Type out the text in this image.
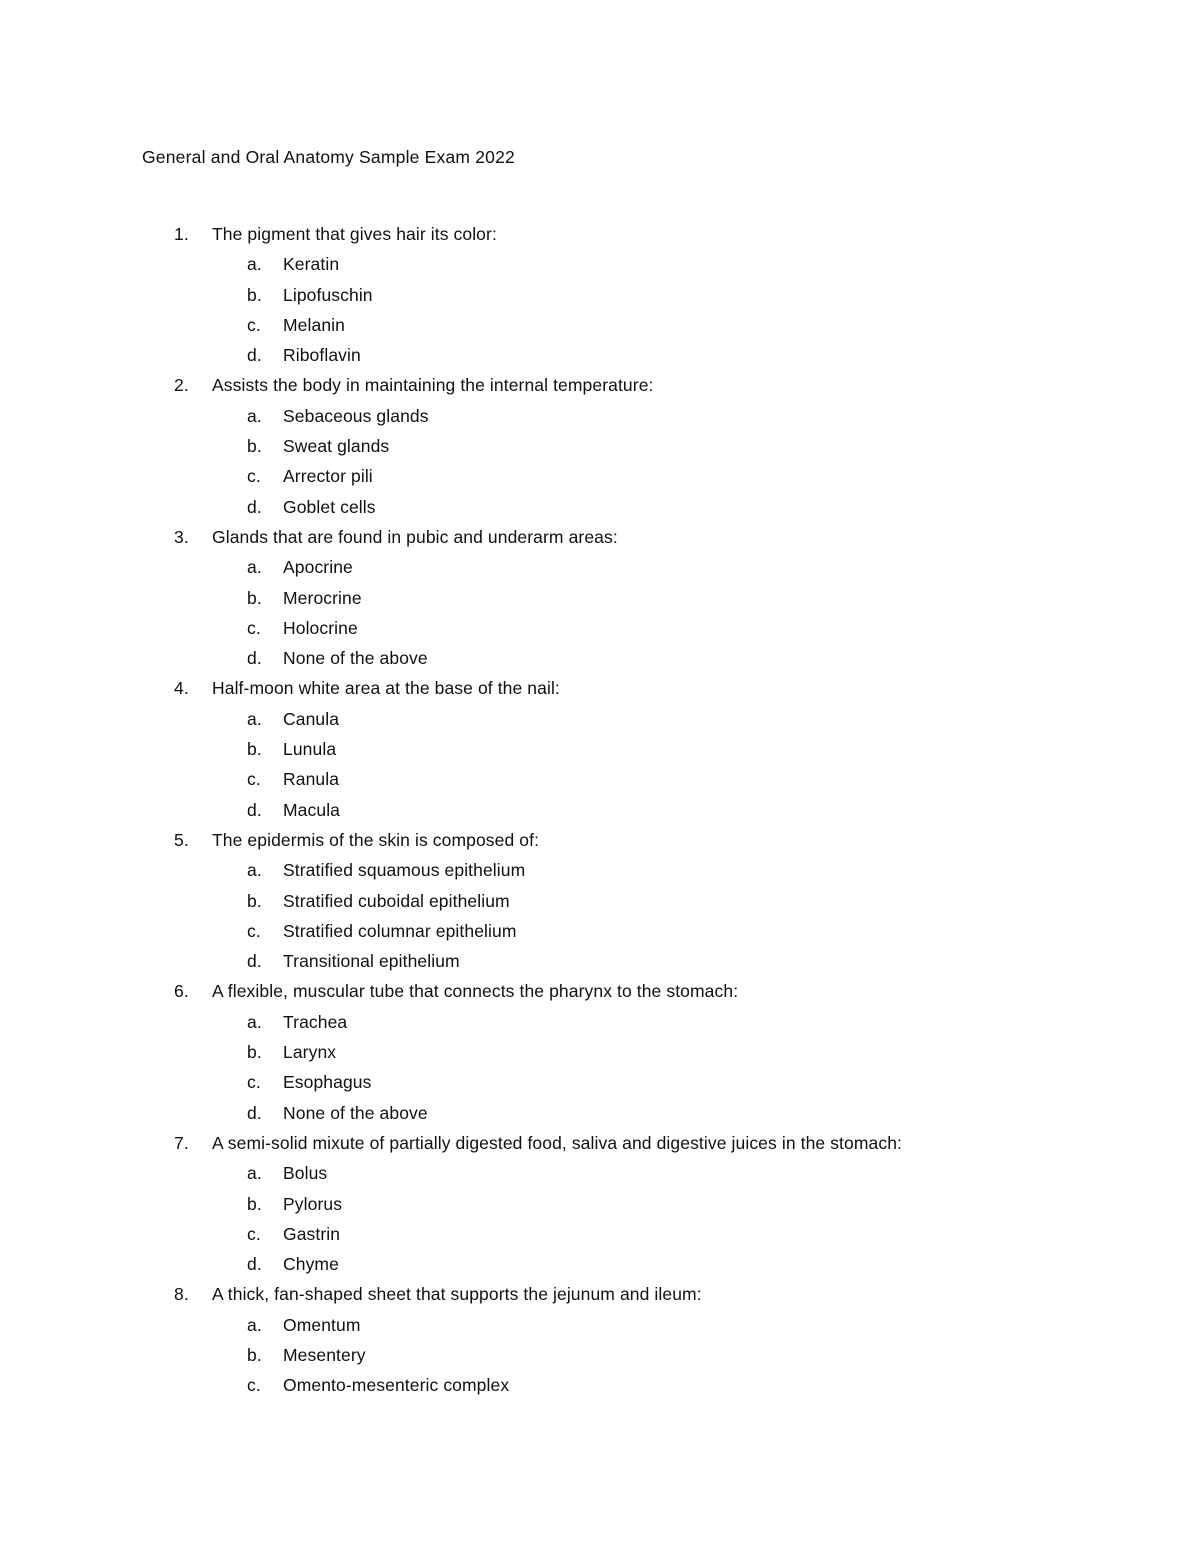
General and Oral Anatomy Sample Exam 2022
1. The pigment that gives hair its color:
a. Keratin
b. Lipofuschin
c. Melanin
d. Riboflavin
2. Assists the body in maintaining the internal temperature:
a. Sebaceous glands
b. Sweat glands
c. Arrector pili
d. Goblet cells
3. Glands that are found in pubic and underarm areas:
a. Apocrine
b. Merocrine
c. Holocrine
d. None of the above
4. Half-moon white area at the base of the nail:
a. Canula
b. Lunula
c. Ranula
d. Macula
5. The epidermis of the skin is composed of:
a. Stratified squamous epithelium
b. Stratified cuboidal epithelium
c. Stratified columnar epithelium
d. Transitional epithelium
6. A flexible, muscular tube that connects the pharynx to the stomach:
a. Trachea
b. Larynx
c. Esophagus
d. None of the above
7. A semi-solid mixute of partially digested food, saliva and digestive juices in the stomach:
a. Bolus
b. Pylorus
c. Gastrin
d. Chyme
8. A thick, fan-shaped sheet that supports the jejunum and ileum:
a. Omentum
b. Mesentery
c. Omento-mesenteric complex
